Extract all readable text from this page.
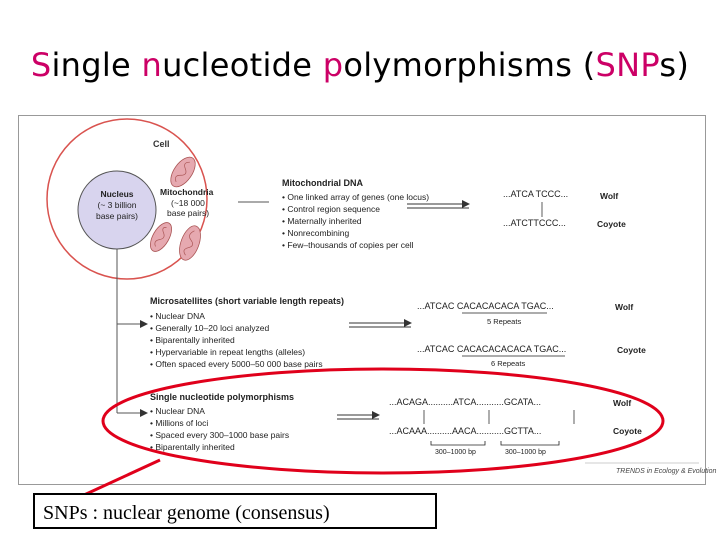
Single nucleotide polymorphisms (SNPs)
Cell
Nucleus
(~ 3 billion
base pairs)
Mitochondria
(~18 000
base pairs)
Mitochondrial DNA
• One linked array of genes (one locus)
• Control region sequence
• Maternally inherited
• Nonrecombining
• Few–thousands of copies per cell
...ATCA TCCC...
...ATCTTCCC...
Wolf
Coyote
Microsatellites (short variable length repeats)
• Nuclear DNA
• Generally 10–20 loci analyzed
• Biparentally inherited
• Hypervariable in repeat lengths (alleles)
• Often spaced every 5000–50 000 base pairs
...ATCAC CACACACACA TGAC...
5 Repeats
Wolf
...ATCAC CACACACACACA TGAC...
6 Repeats
Coyote
Single nucleotide polymorphisms
• Nuclear DNA
• Millions of loci
• Spaced every 300–1000 base pairs
• Biparentally inherited
...ACAGA..........ATCA...........GCATA...
...ACAAA..........AACA...........GCTTA...
300–1000 bp	300–1000 bp
Wolf
Coyote
TRENDS in Ecology & Evolution
SNPs : nuclear genome (consensus)
